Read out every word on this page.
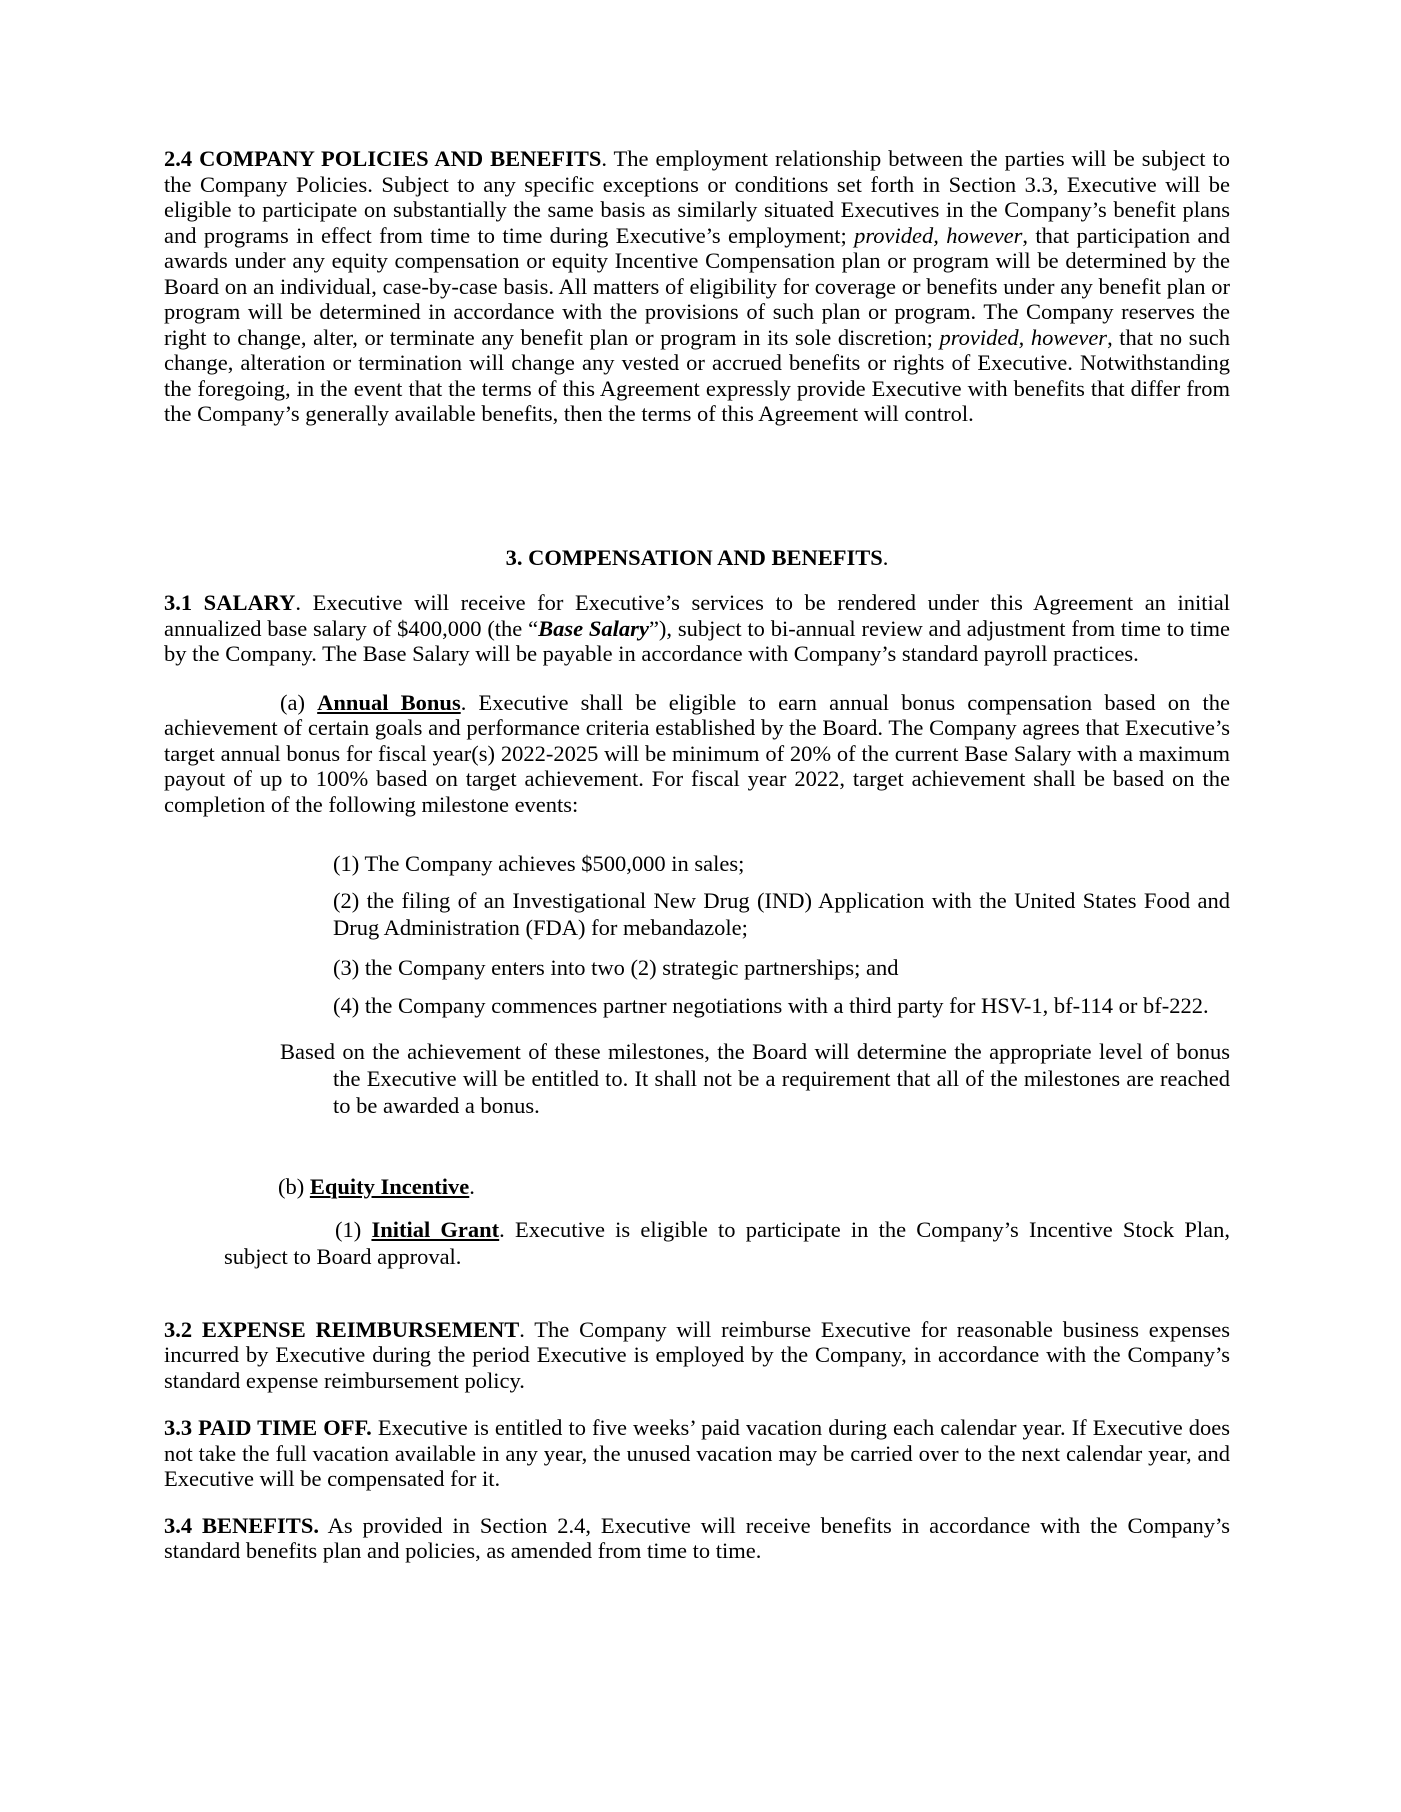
2.4 COMPANY POLICIES AND BENEFITS. The employment relationship between the parties will be subject to the Company Policies. Subject to any specific exceptions or conditions set forth in Section 3.3, Executive will be eligible to participate on substantially the same basis as similarly situated Executives in the Company’s benefit plans and programs in effect from time to time during Executive’s employment; provided, however, that participation and awards under any equity compensation or equity Incentive Compensation plan or program will be determined by the Board on an individual, case-by-case basis. All matters of eligibility for coverage or benefits under any benefit plan or program will be determined in accordance with the provisions of such plan or program. The Company reserves the right to change, alter, or terminate any benefit plan or program in its sole discretion; provided, however, that no such change, alteration or termination will change any vested or accrued benefits or rights of Executive. Notwithstanding the foregoing, in the event that the terms of this Agreement expressly provide Executive with benefits that differ from the Company’s generally available benefits, then the terms of this Agreement will control.

3. COMPENSATION AND BENEFITS.

3.1 SALARY. Executive will receive for Executive’s services to be rendered under this Agreement an initial annualized base salary of $400,000 (the “Base Salary”), subject to bi-annual review and adjustment from time to time by the Company. The Base Salary will be payable in accordance with Company’s standard payroll practices.

(a) Annual Bonus. Executive shall be eligible to earn annual bonus compensation based on the achievement of certain goals and performance criteria established by the Board. The Company agrees that Executive’s target annual bonus for fiscal year(s) 2022-2025 will be minimum of 20% of the current Base Salary with a maximum payout of up to 100% based on target achievement. For fiscal year 2022, target achievement shall be based on the completion of the following milestone events:

(1) The Company achieves $500,000 in sales;

(2) the filing of an Investigational New Drug (IND) Application with the United States Food and Drug Administration (FDA) for mebandazole;

(3) the Company enters into two (2) strategic partnerships; and

(4) the Company commences partner negotiations with a third party for HSV-1, bf-114 or bf-222.

Based on the achievement of these milestones, the Board will determine the appropriate level of bonus the Executive will be entitled to. It shall not be a requirement that all of the milestones are reached to be awarded a bonus.

(b) Equity Incentive.

(1) Initial Grant. Executive is eligible to participate in the Company’s Incentive Stock Plan, subject to Board approval.

3.2 EXPENSE REIMBURSEMENT. The Company will reimburse Executive for reasonable business expenses incurred by Executive during the period Executive is employed by the Company, in accordance with the Company’s standard expense reimbursement policy.

3.3 PAID TIME OFF. Executive is entitled to five weeks’ paid vacation during each calendar year. If Executive does not take the full vacation available in any year, the unused vacation may be carried over to the next calendar year, and Executive will be compensated for it.

3.4 BENEFITS. As provided in Section 2.4, Executive will receive benefits in accordance with the Company’s standard benefits plan and policies, as amended from time to time.
